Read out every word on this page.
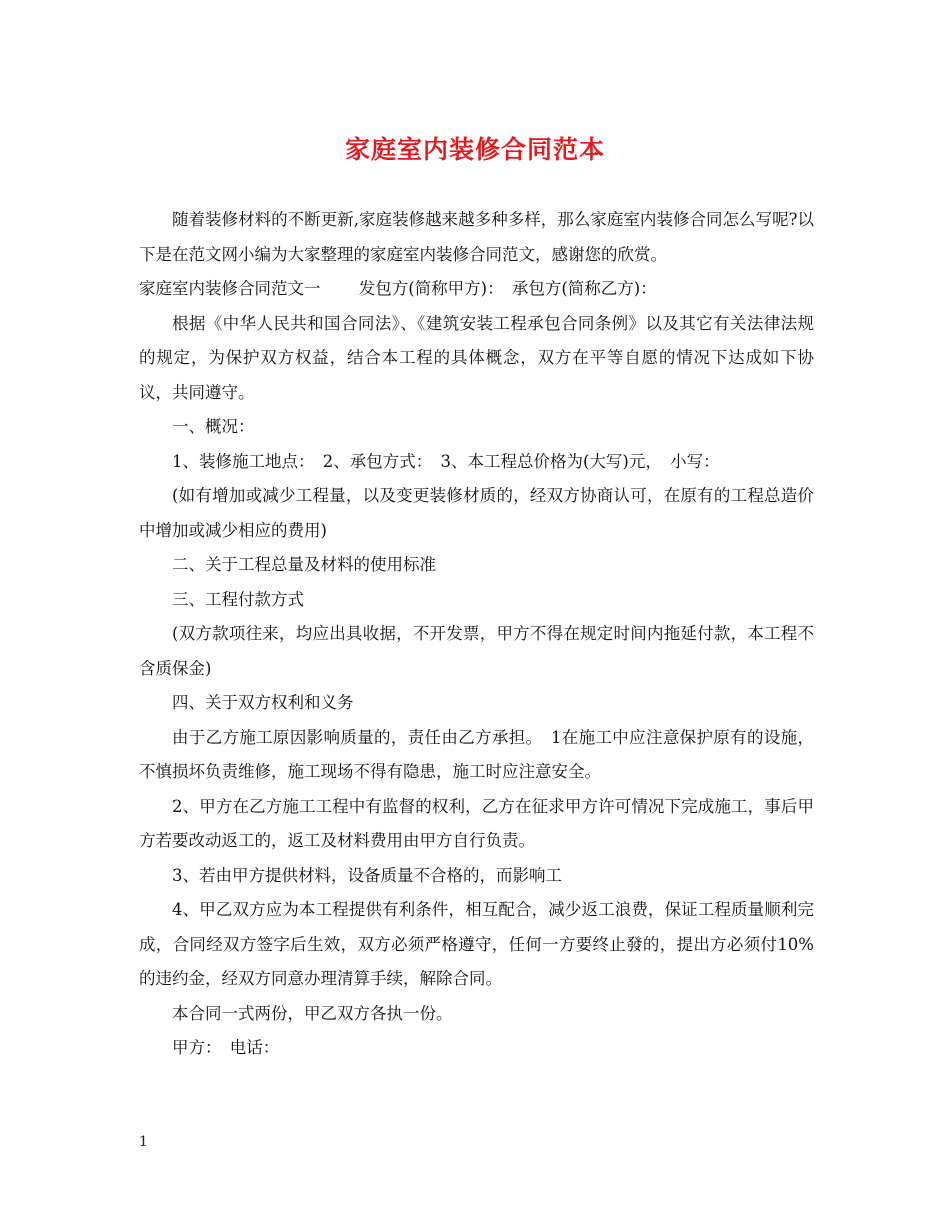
家庭室内装修合同范本

随着装修材料的不断更新,家庭装修越来越多种多样，那么家庭室内装修合同怎么写呢?以下是在范文网小编为大家整理的家庭室内装修合同范文，感谢您的欣赏。

家庭室内装修合同范文一　　 发包方(简称甲方)：　承包方(简称乙方)：

根据《中华人民共和国合同法》、《建筑安装工程承包合同条例》以及其它有关法律法规的规定，为保护双方权益，结合本工程的具体概念，双方在平等自愿的情况下达成如下协议，共同遵守。

一、概况：

1、装修施工地点：　2、承包方式：　3、本工程总价格为(大写)元，　小写：

(如有增加或减少工程量，以及变更装修材质的，经双方协商认可，在原有的工程总造价中增加或减少相应的费用)

二、关于工程总量及材料的使用标准

三、工程付款方式

(双方款项往来，均应出具收据，不开发票，甲方不得在规定时间内拖延付款，本工程不含质保金)

四、关于双方权利和义务

由于乙方施工原因影响质量的，责任由乙方承担。　1在施工中应注意保护原有的设施，不慎损坏负责维修，施工现场不得有隐患，施工时应注意安全。

2、甲方在乙方施工工程中有监督的权利，乙方在征求甲方许可情况下完成施工，事后甲方若要改动返工的，返工及材料费用由甲方自行负责。

3、若由甲方提供材料，设备质量不合格的，而影响工

4、甲乙双方应为本工程提供有利条件，相互配合，减少返工浪费，保证工程质量顺利完成，合同经双方签字后生效，双方必须严格遵守，任何一方要终止發的，提出方必须付10%的违约金，经双方同意办理清算手续，解除合同。

本合同一式两份，甲乙双方各执一份。

甲方：　电话：

1
